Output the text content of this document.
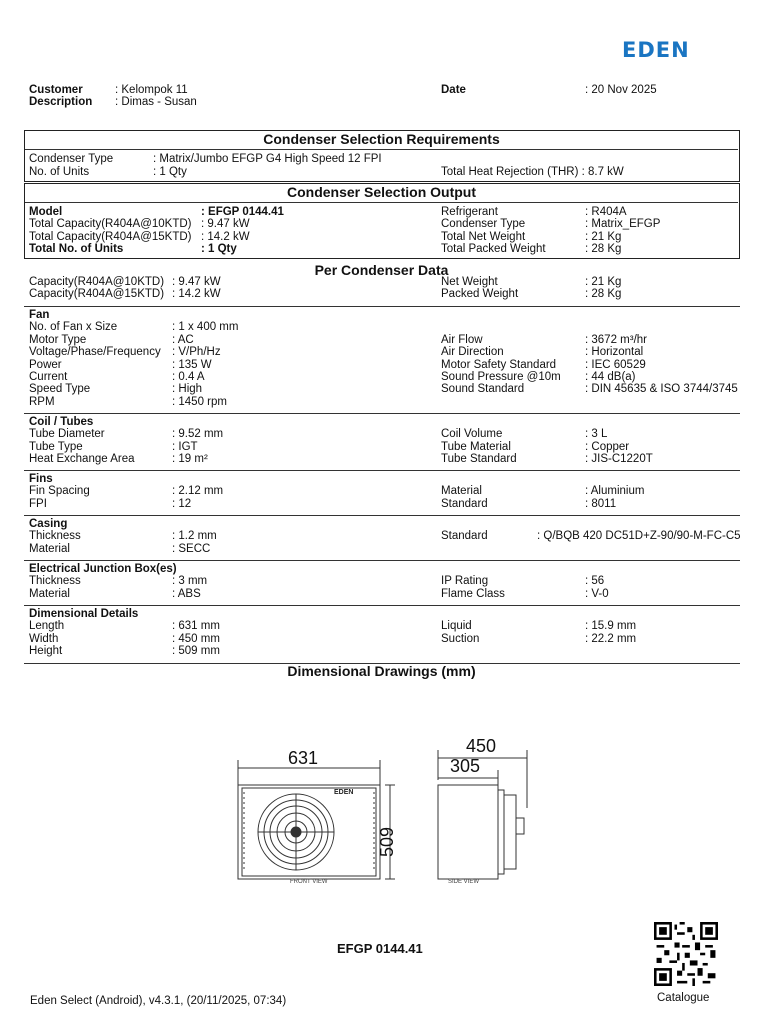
EDEN
Customer	: Kelompok 11
Description : Dimas - Susan
Date	: 20 Nov 2025
Condenser Selection Requirements
Condenser Type	: Matrix/Jumbo EFGP G4 High Speed 12 FPI
No. of Units	: 1 Qty	Total Heat Rejection (THR) : 8.7 kW
Condenser Selection Output
Model	: EFGP 0144.41
Total Capacity(R404A@10KTD) : 9.47 kW
Total Capacity(R404A@15KTD) : 14.2 kW
Total No. of Units	: 1 Qty
Refrigerant	: R404A
Condenser Type	: Matrix_EFGP
Total Net Weight	: 21 Kg
Total Packed Weight	: 28 Kg
Per Condenser Data
Capacity(R404A@10KTD) : 9.47 kW
Capacity(R404A@15KTD) : 14.2 kW
Net Weight	: 21 Kg
Packed Weight	: 28 Kg
Fan
No. of Fan x Size	: 1 x 400 mm
Motor Type	: AC
Voltage/Phase/Frequency : V/Ph/Hz
Power	: 135 W
Current	: 0.4 A
Speed Type	: High
RPM	: 1450 rpm
Air Flow	: 3672 m³/hr
Air Direction	: Horizontal
Motor Safety Standard	: IEC 60529
Sound Pressure @10m : 44 dB(a)
Sound Standard	: DIN 45635 & ISO 3744/3745
Coil / Tubes
Tube Diameter	: 9.52 mm
Tube Type	: IGT
Heat Exchange Area	: 19 m²
Coil Volume	: 3 L
Tube Material	: Copper
Tube Standard	: JIS-C1220T
Fins
Fin Spacing	: 2.12 mm
FPI	: 12
Material	: Aluminium
Standard	: 8011
Casing
Thickness	: 1.2 mm
Material	: SECC
Standard	: Q/BQB 420 DC51D+Z-90/90-M-FC-C5
Electrical Junction Box(es)
Thickness	: 3 mm
Material	: ABS
IP Rating	: 56
Flame Class	: V-0
Dimensional Details
Length	: 631 mm
Width	: 450 mm
Height	: 509 mm
Liquid	: 15.9 mm
Suction	: 22.2 mm
Dimensional Drawings (mm)
631
509
450
305
EDEN
FRONT VIEW	SIDE VIEW
EFGP 0144.41
Catalogue
Eden Select (Android), v4.3.1, (20/11/2025, 07:34)
